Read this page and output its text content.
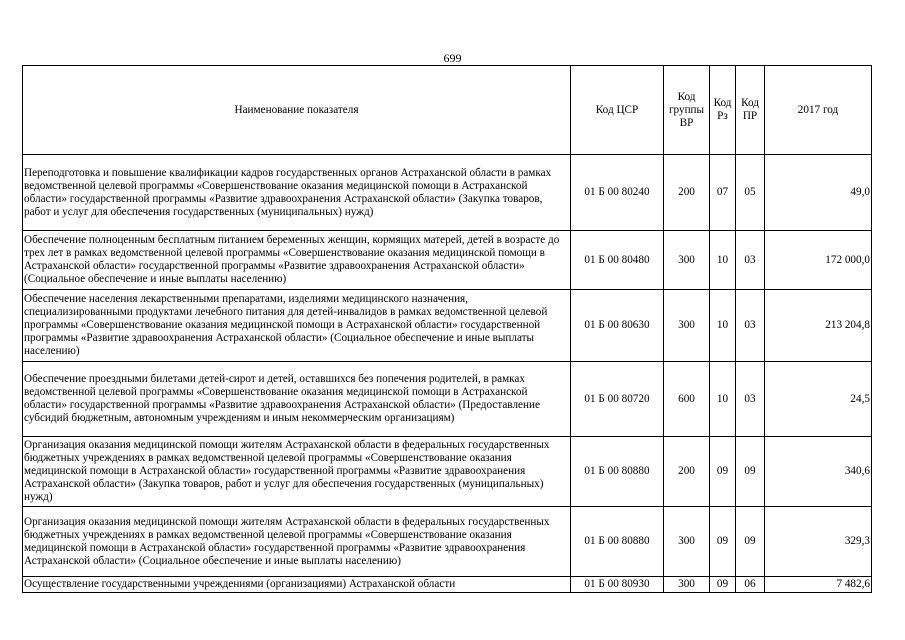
699
Наименование показателя	Код ЦСР	Код группы ВР	Код Рз	Код ПР	2017 год
Переподготовка и повышение квалификации кадров государственных органов Астраханской области в рамках ведомственной целевой программы «Совершенствование оказания медицинской помощи в Астраханской области» государственной программы «Развитие здравоохранения Астраханской области» (Закупка товаров, работ и услуг для обеспечения государственных (муниципальных) нужд)	01 Б 00 80240	200	07	05	49,0
Обеспечение полноценным бесплатным питанием беременных женщин, кормящих матерей, детей в возрасте до трех лет в рамках ведомственной целевой программы «Совершенствование оказания медицинской помощи в Астраханской области» государственной программы «Развитие здравоохранения Астраханской области» (Социальное обеспечение и иные выплаты населению)	01 Б 00 80480	300	10	03	172 000,0
Обеспечение населения лекарственными препаратами, изделиями медицинского назначения, специализированными продуктами лечебного питания для детей-инвалидов в рамках ведомственной целевой программы «Совершенствование оказания медицинской помощи в Астраханской области» государственной программы «Развитие здравоохранения Астраханской области» (Социальное обеспечение и иные выплаты населению)	01 Б 00 80630	300	10	03	213 204,8
Обеспечение проездными билетами детей-сирот и детей, оставшихся без попечения родителей, в рамках ведомственной целевой программы «Совершенствование оказания медицинской помощи в Астраханской области» государственной программы «Развитие здравоохранения Астраханской области» (Предоставление субсидий бюджетным, автономным учреждениям и иным некоммерческим организациям)	01 Б 00 80720	600	10	03	24,5
Организация оказания медицинской помощи жителям Астраханской области в федеральных государственных бюджетных учреждениях в рамках ведомственной целевой программы «Совершенствование оказания медицинской помощи в Астраханской области» государственной программы «Развитие здравоохранения Астраханской области» (Закупка товаров, работ и услуг для обеспечения государственных (муниципальных) нужд)	01 Б 00 80880	200	09	09	340,6
Организация оказания медицинской помощи жителям Астраханской области в федеральных государственных бюджетных учреждениях в рамках ведомственной целевой программы «Совершенствование оказания медицинской помощи в Астраханской области» государственной программы «Развитие здравоохранения Астраханской области» (Социальное обеспечение и иные выплаты населению)	01 Б 00 80880	300	09	09	329,3
Осуществление государственными учреждениями (организациями) Астраханской области	01 Б 00 80930	300	09	06	7 482,6
